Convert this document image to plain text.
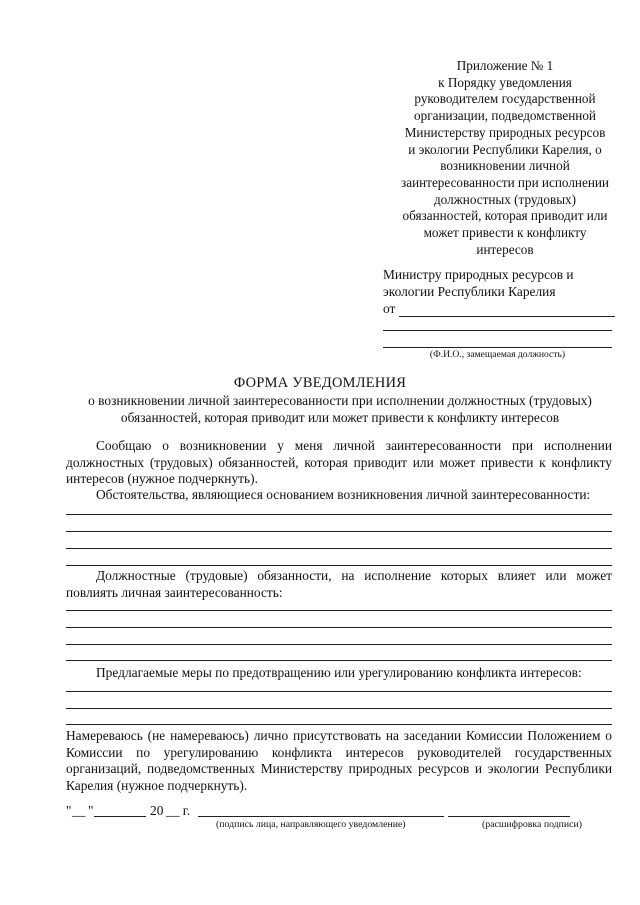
Приложение № 1
к Порядку уведомления
руководителем государственной
организации, подведомственной
Министерству природных ресурсов
и экологии Республики Карелия, о
возникновении личной
заинтересованности при исполнении
должностных (трудовых)
обязанностей, которая приводит или
может привести к конфликту
интересов
Министру природных ресурсов и
экологии Республики Карелия
от
(Ф.И.О., замещаемая должность)
ФОРМА УВЕДОМЛЕНИЯ
о возникновении личной заинтересованности при исполнении должностных (трудовых) обязанностей, которая приводит или может привести к конфликту интересов
Сообщаю о возникновении у меня личной заинтересованности при исполнении должностных (трудовых) обязанностей, которая приводит или может привести к конфликту интересов (нужное подчеркнуть).
Обстоятельства, являющиеся основанием возникновения личной заинтересованности:
Должностные (трудовые) обязанности, на исполнение которых влияет или может повлиять личная заинтересованность:
Предлагаемые меры по предотвращению или урегулированию конфликта интересов:
Намереваюсь (не намереваюсь) лично присутствовать на заседании Комиссии Положением о Комиссии по урегулированию конфликта интересов руководителей государственных организаций, подведомственных Министерству природных ресурсов и экологии Республики Карелия (нужное подчеркнуть).
" __ "	20 __ г.
(подпись лица, направляющего уведомление)	(расшифровка подписи)
